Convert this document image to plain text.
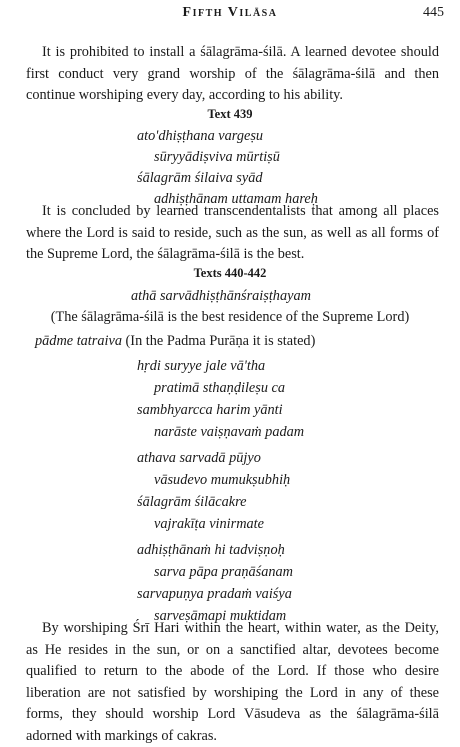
Fifth Vilāsa	445
It is prohibited to install a śālagrāma-śilā. A learned devotee should first conduct very grand worship of the śālagrāma-śilā and then continue worshiping every day, according to his ability.
Text 439
ato'dhiṣṭhana vargeṣu
sūryyādiṣviva mūrtiṣū
śālagrām śilaiva syād
adhiṣṭhānam uttamam hareḥ
It is concluded by learned transcendentalists that among all places where the Lord is said to reside, such as the sun, as well as all forms of the Supreme Lord, the śālagrāma-śilā is the best.
Texts 440-442
athā sarvādhiṣṭhānśraiṣṭhayam
(The śālagrāma-śilā is the best residence of the Supreme Lord)
pādme tatraiva (In the Padma Purāṇa it is stated)
hṛdi suryye jale vā'tha
pratimā sthaṇḍileṣu ca
sambhyarcca harim yānti
narāste vaiṣṇavaṁ padam
athava sarvadā pūjyo
vāsudevo mumukṣubhiḥ
śālagrām śilācakre
vajrakīṭa vinirmate
adhiṣṭhānaṁ hi tadviṣṇoḥ
sarva pāpa praṇāśanam
sarvapuṇya pradaṁ vaiśya
sarveṣāmapi muktidam
By worshiping Śrī Hari within the heart, within water, as the Deity, as He resides in the sun, or on a sanctified altar, devotees become qualified to return to the abode of the Lord. If those who desire liberation are not satisfied by worshiping the Lord in any of these forms, they should worship Lord Vāsudeva as the śālagrāma-śilā adorned with markings of cakras.
